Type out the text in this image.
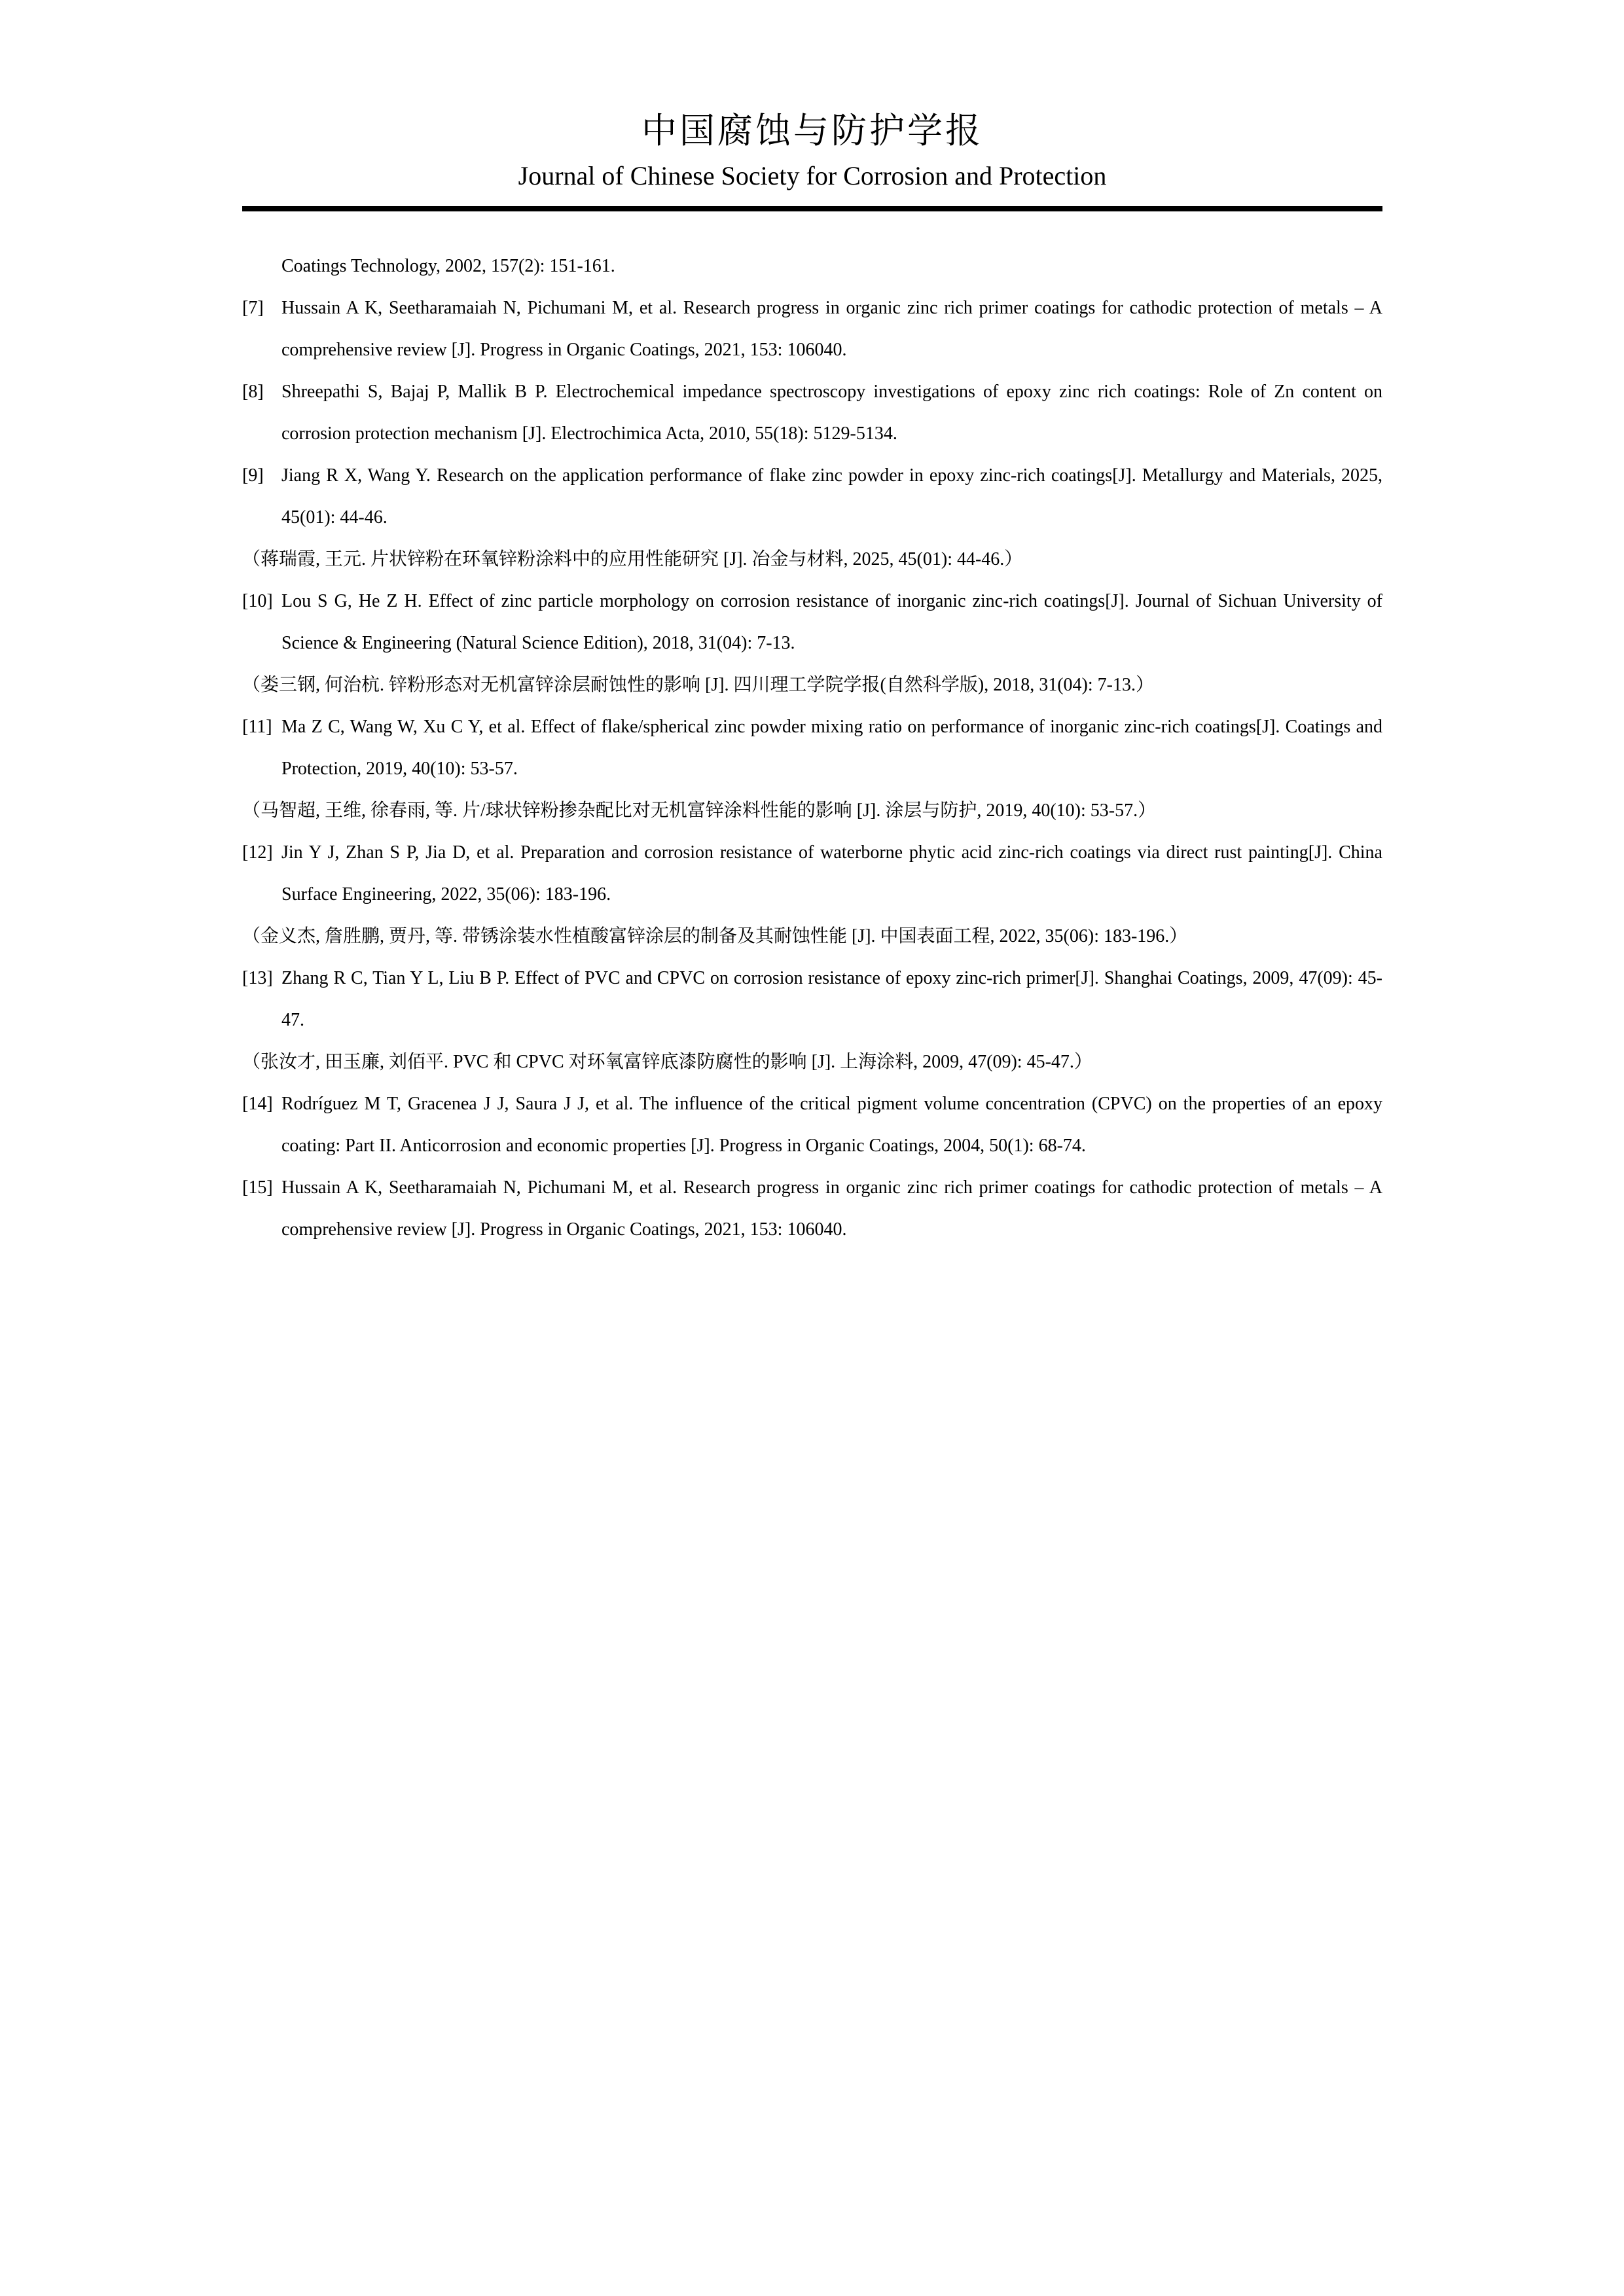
中国腐蚀与防护学报
Journal of Chinese Society for Corrosion and Protection

Coatings Technology, 2002, 157(2): 151-161.

[7] Hussain A K, Seetharamaiah N, Pichumani M, et al. Research progress in organic zinc rich primer coatings for cathodic protection of metals – A comprehensive review [J]. Progress in Organic Coatings, 2021, 153: 106040.

[8] Shreepathi S, Bajaj P, Mallik B P. Electrochemical impedance spectroscopy investigations of epoxy zinc rich coatings: Role of Zn content on corrosion protection mechanism [J]. Electrochimica Acta, 2010, 55(18): 5129-5134.

[9] Jiang R X, Wang Y. Research on the application performance of flake zinc powder in epoxy zinc-rich coatings[J]. Metallurgy and Materials, 2025, 45(01): 44-46.

（蒋瑞霞, 王元. 片状锌粉在环氧锌粉涂料中的应用性能研究 [J]. 冶金与材料, 2025, 45(01): 44-46.）

[10] Lou S G, He Z H. Effect of zinc particle morphology on corrosion resistance of inorganic zinc-rich coatings[J]. Journal of Sichuan University of Science & Engineering (Natural Science Edition), 2018, 31(04): 7-13.

（娄三钢, 何治杭. 锌粉形态对无机富锌涂层耐蚀性的影响 [J]. 四川理工学院学报(自然科学版), 2018, 31(04): 7-13.）

[11] Ma Z C, Wang W, Xu C Y, et al. Effect of flake/spherical zinc powder mixing ratio on performance of inorganic zinc-rich coatings[J]. Coatings and Protection, 2019, 40(10): 53-57.

（马智超, 王维, 徐春雨, 等. 片/球状锌粉掺杂配比对无机富锌涂料性能的影响 [J]. 涂层与防护, 2019, 40(10): 53-57.）

[12] Jin Y J, Zhan S P, Jia D, et al. Preparation and corrosion resistance of waterborne phytic acid zinc-rich coatings via direct rust painting[J]. China Surface Engineering, 2022, 35(06): 183-196.

（金义杰, 詹胜鹏, 贾丹, 等. 带锈涂装水性植酸富锌涂层的制备及其耐蚀性能 [J]. 中国表面工程, 2022, 35(06): 183-196.）

[13] Zhang R C, Tian Y L, Liu B P. Effect of PVC and CPVC on corrosion resistance of epoxy zinc-rich primer[J]. Shanghai Coatings, 2009, 47(09): 45-47.

（张汝才, 田玉廉, 刘佰平. PVC 和 CPVC 对环氧富锌底漆防腐性的影响 [J]. 上海涂料, 2009, 47(09): 45-47.）

[14] Rodríguez M T, Gracenea J J, Saura J J, et al. The influence of the critical pigment volume concentration (CPVC) on the properties of an epoxy coating: Part II. Anticorrosion and economic properties [J]. Progress in Organic Coatings, 2004, 50(1): 68-74.

[15] Hussain A K, Seetharamaiah N, Pichumani M, et al. Research progress in organic zinc rich primer coatings for cathodic protection of metals – A comprehensive review [J]. Progress in Organic Coatings, 2021, 153: 106040.
